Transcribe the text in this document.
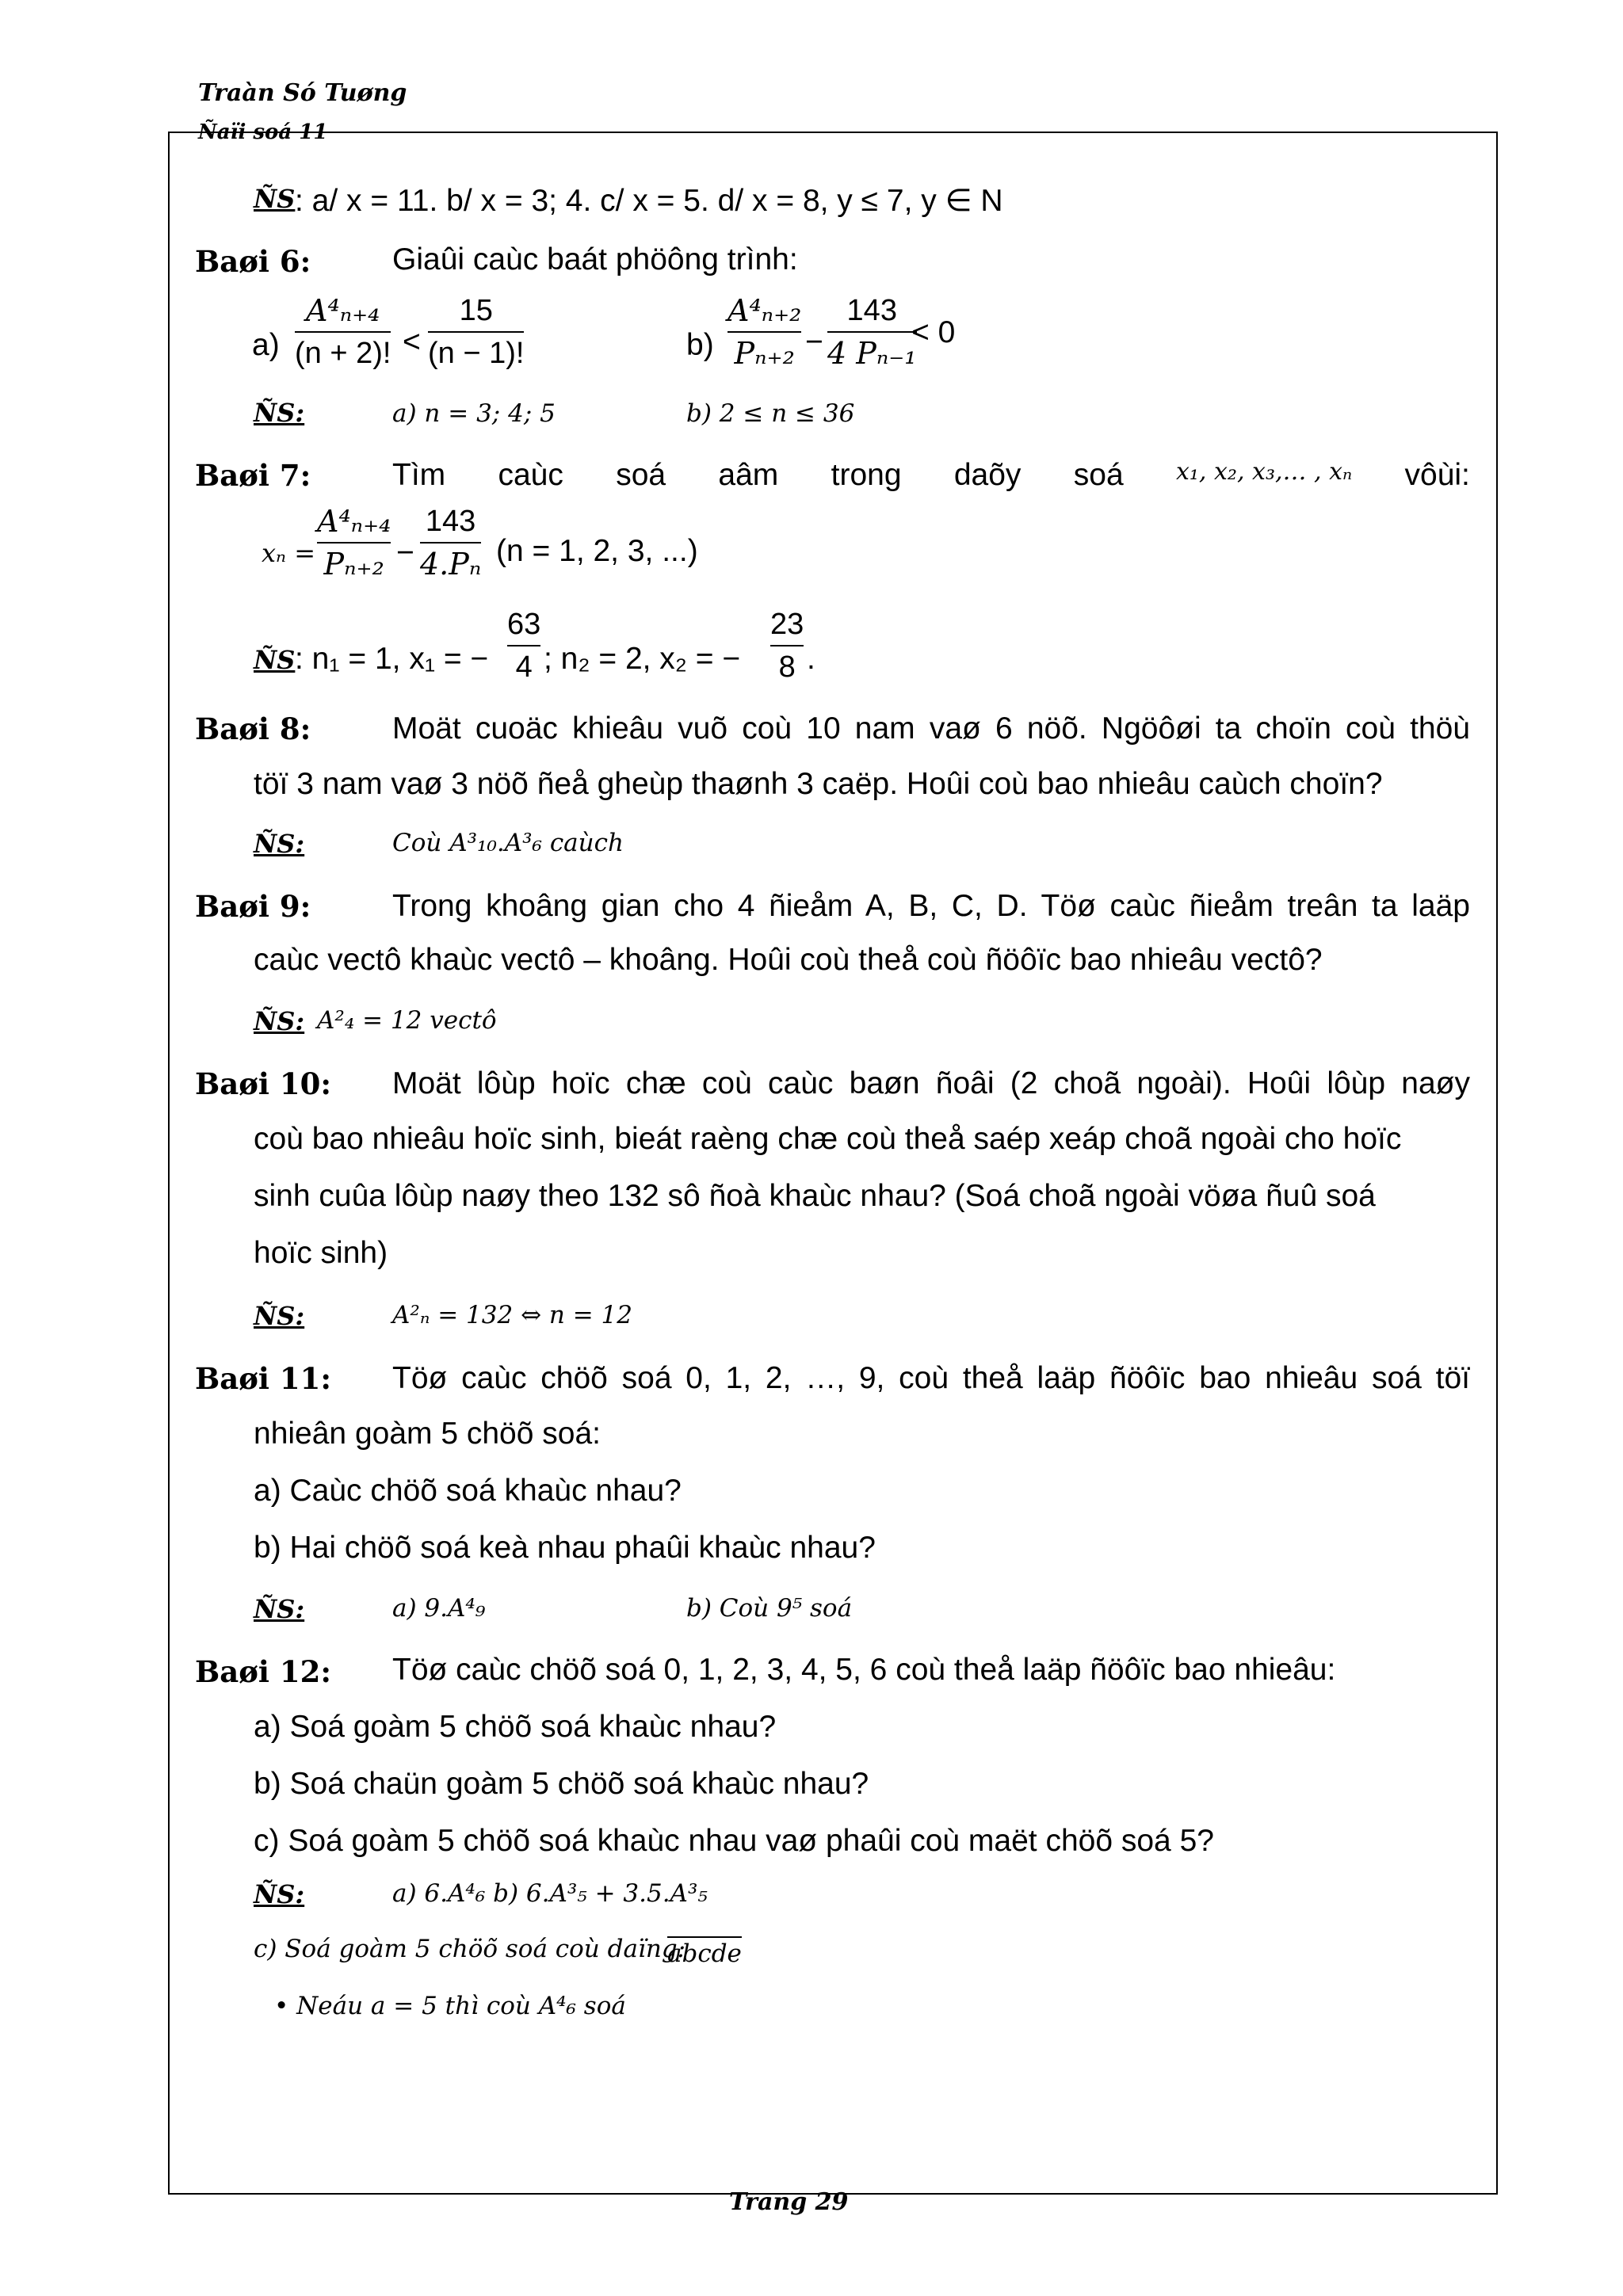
Traàn Só Tuøng
Ñaïi soá 11
ÑS : a/ x = 11. b/ x = 3; 4. c/ x = 5. d/ x = 8, y ≤ 7, y ∈ N
Baøi 6:	Giaûi caùc baát phöông trình:
a)
A⁴ₙ₊₄
(n + 2)! <
15
(n − 1)!	b)
A⁴ₙ₊₂
Pₙ₊₂ −
143
4 Pₙ₋₁
< 0
ÑS:	a) n = 3; 4; 5	b) 2 ≤ n ≤ 36
Baøi 7:	Tìm caùc soá aâm trong daõy soá x₁, x₂, x₃,… , xₙ vôùi:
xₙ =
A⁴ₙ₊₄
Pₙ₊₂ −
143
4.Pₙ (n = 1, 2, 3, ...)
ÑS : n₁ = 1, x₁ = −
63
4 ; n₂ = 2, x₂ = −
23
8 .
Baøi 8:	Moät cuoäc khieâu vuõ coù 10 nam vaø 6 nöõ. Ngöôøi ta choïn coù thöù
töï 3 nam vaø 3 nöõ ñeå gheùp thaønh 3 caëp. Hoûi coù bao nhieâu caùch choïn?
ÑS:	Coù A³₁₀.A³₆ caùch
Baøi 9:	Trong khoâng gian cho 4 ñieåm A, B, C, D. Töø caùc ñieåm treân ta laäp
caùc vectô khaùc vectô – khoâng. Hoûi coù theå coù ñöôïc bao nhieâu vectô?
ÑS: A²₄ = 12 vectô
Baøi 10: Moät lôùp hoïc chæ coù caùc baøn ñoâi (2 choã ngoài). Hoûi lôùp naøy
coù bao nhieâu hoïc sinh, bieát raèng chæ coù theå saép xeáp choã ngoài cho hoïc
sinh cuûa lôùp naøy theo 132 sô ñoà khaùc nhau? (Soá choã ngoài vöøa ñuû soá
hoïc sinh)
ÑS:	A²ₙ = 132 ⇔ n = 12
Baøi 11: Töø caùc chöõ soá 0, 1, 2, …, 9, coù theå laäp ñöôïc bao nhieâu soá töï
nhieân goàm 5 chöõ soá:
a) Caùc chöõ soá khaùc nhau?
b) Hai chöõ soá keà nhau phaûi khaùc nhau?
ÑS:	a) 9.A⁴₉	b) Coù 9⁵ soá
Baøi 12: Töø caùc chöõ soá 0, 1, 2, 3, 4, 5, 6 coù theå laäp ñöôïc bao nhieâu:
a) Soá goàm 5 chöõ soá khaùc nhau?
b) Soá chaün goàm 5 chöõ soá khaùc nhau?
c) Soá goàm 5 chöõ soá khaùc nhau vaø phaûi coù maët chöõ soá 5?
ÑS:	a) 6.A⁴₆ b) 6.A³₅ + 3.5.A³₅
c) Soá goàm 5 chöõ soá coù daïng:
abcde
• Neáu a = 5 thì coù A⁴₆ soá
Trang 29
